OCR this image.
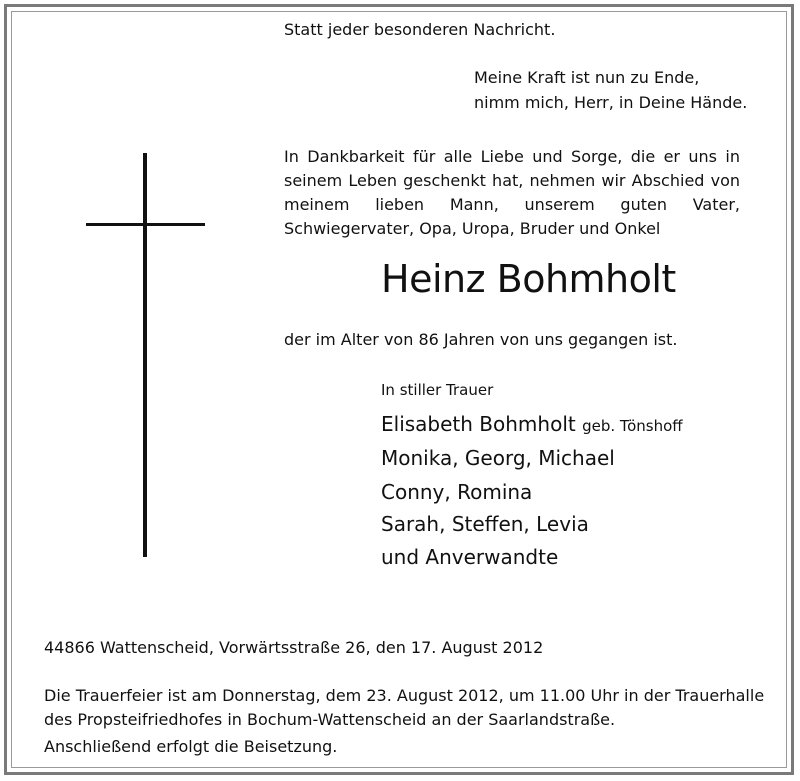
Statt jeder besonderen Nachricht.
Meine Kraft ist nun zu Ende,
nimm mich, Herr, in Deine Hände.
In Dankbarkeit für alle Liebe und Sorge, die er uns in
seinem Leben geschenkt hat, nehmen wir Abschied von
meinem lieben Mann, unserem guten Vater,
Schwiegervater, Opa, Uropa, Bruder und Onkel
Heinz Bohmholt
der im Alter von 86 Jahren von uns gegangen ist.
In stiller Trauer
Elisabeth Bohmholt geb. Tönshoff
Monika, Georg, Michael
Conny, Romina
Sarah, Steffen, Levia
und Anverwandte
44866 Wattenscheid, Vorwärtsstraße 26, den 17. August 2012
Die Trauerfeier ist am Donnerstag, dem 23. August 2012, um 11.00 Uhr in der Trauerhalle
des Propsteifriedhofes in Bochum-Wattenscheid an der Saarlandstraße.
Anschließend erfolgt die Beisetzung.
